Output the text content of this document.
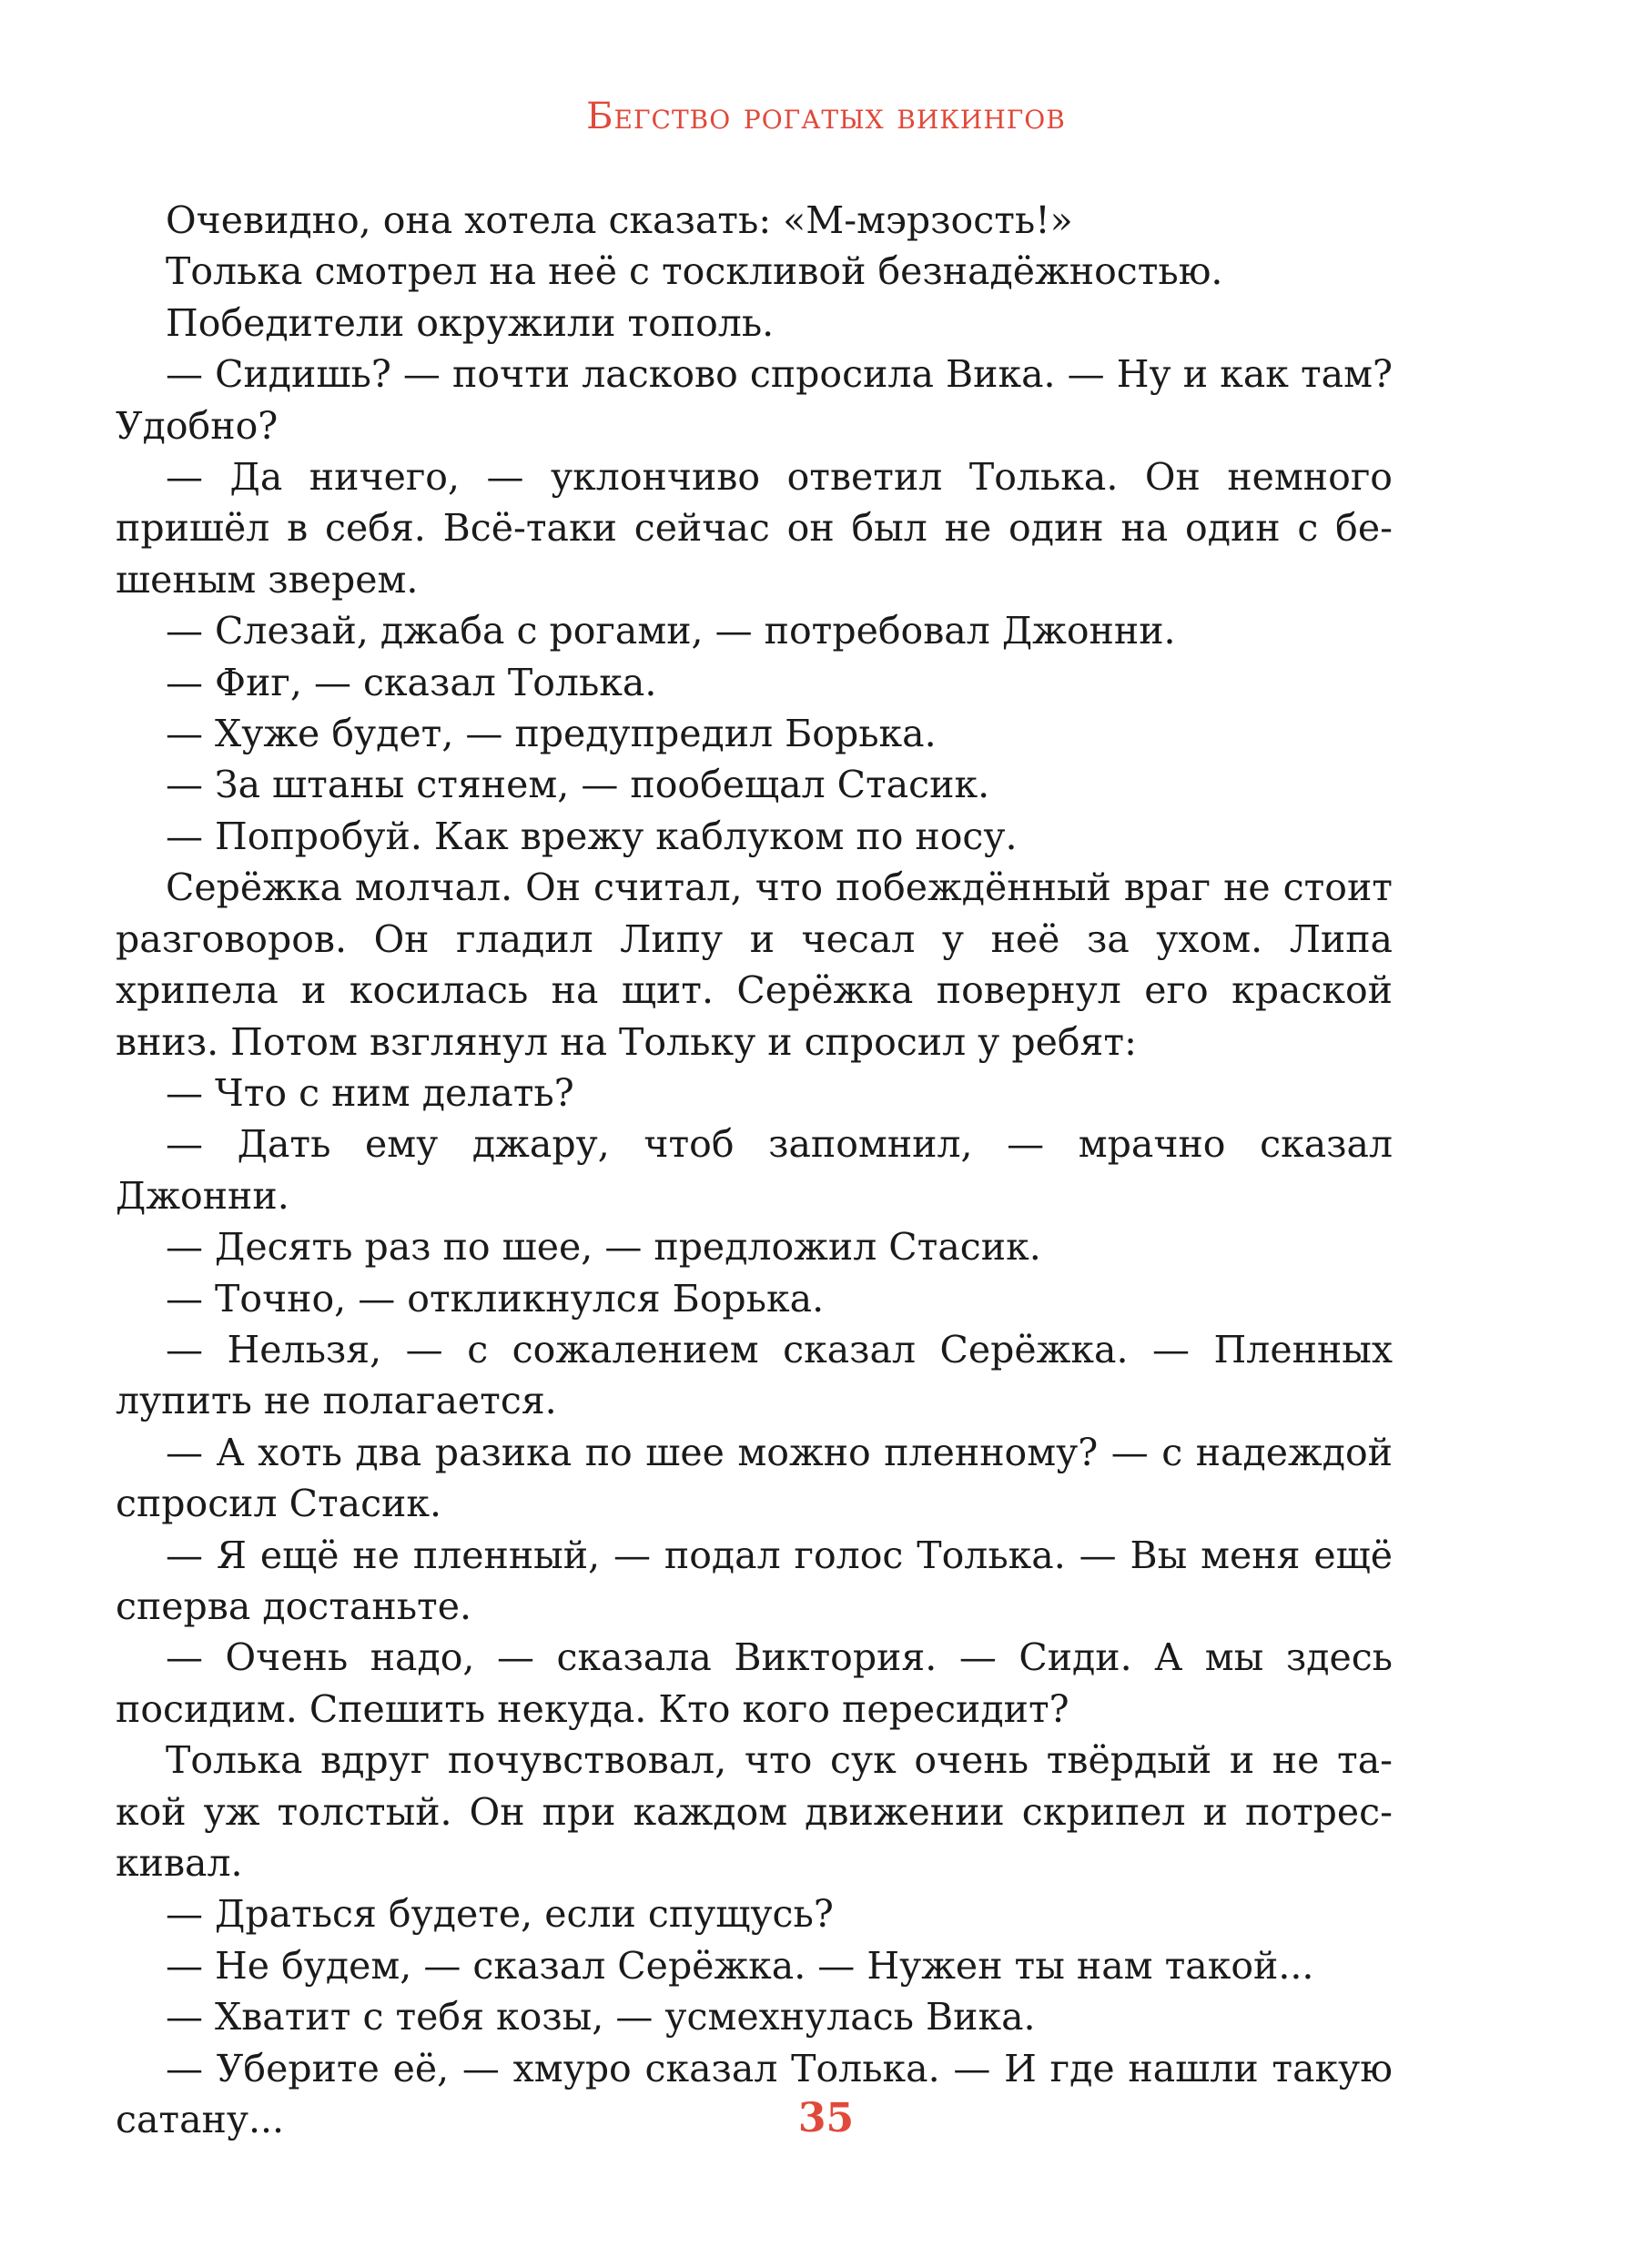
Бегство рогатых викингов

Очевидно, она хотела сказать: «М-мэрзость!»

Толька смотрел на неё с тоскливой безнадёжностью.

Победители окружили тополь.

— Сидишь? — почти ласково спросила Вика. — Ну и как там? Удобно?

— Да ничего, — уклончиво ответил Толька. Он немного пришёл в себя. Всё-таки сейчас он был не один на один с бешеным зверем.

— Слезай, джаба с рогами, — потребовал Джонни.

— Фиг, — сказал Толька.

— Хуже будет, — предупредил Борька.

— За штаны стянем, — пообещал Стасик.

— Попробуй. Как врежу каблуком по носу.

Серёжка молчал. Он считал, что побеждённый враг не стоит разговоров. Он гладил Липу и чесал у неё за ухом. Липа хрипела и косилась на щит. Серёжка повернул его краской вниз. Потом взглянул на Тольку и спросил у ребят:

— Что с ним делать?

— Дать ему джару, чтоб запомнил, — мрачно сказал Джонни.

— Десять раз по шее, — предложил Стасик.

— Точно, — откликнулся Борька.

— Нельзя, — с сожалением сказал Серёжка. — Пленных лупить не полагается.

— А хоть два разика по шее можно пленному? — с надеждой спросил Стасик.

— Я ещё не пленный, — подал голос Толька. — Вы меня ещё сперва достаньте.

— Очень надо, — сказала Виктория. — Сиди. А мы здесь посидим. Спешить некуда. Кто кого пересидит?

Толька вдруг почувствовал, что сук очень твёрдый и не такой уж толстый. Он при каждом движении скрипел и потрескивал.

— Драться будете, если спущусь?

— Не будем, — сказал Серёжка. — Нужен ты нам такой...

— Хватит с тебя козы, — усмехнулась Вика.

— Уберите её, — хмуро сказал Толька. — И где нашли такую сатану...	35
